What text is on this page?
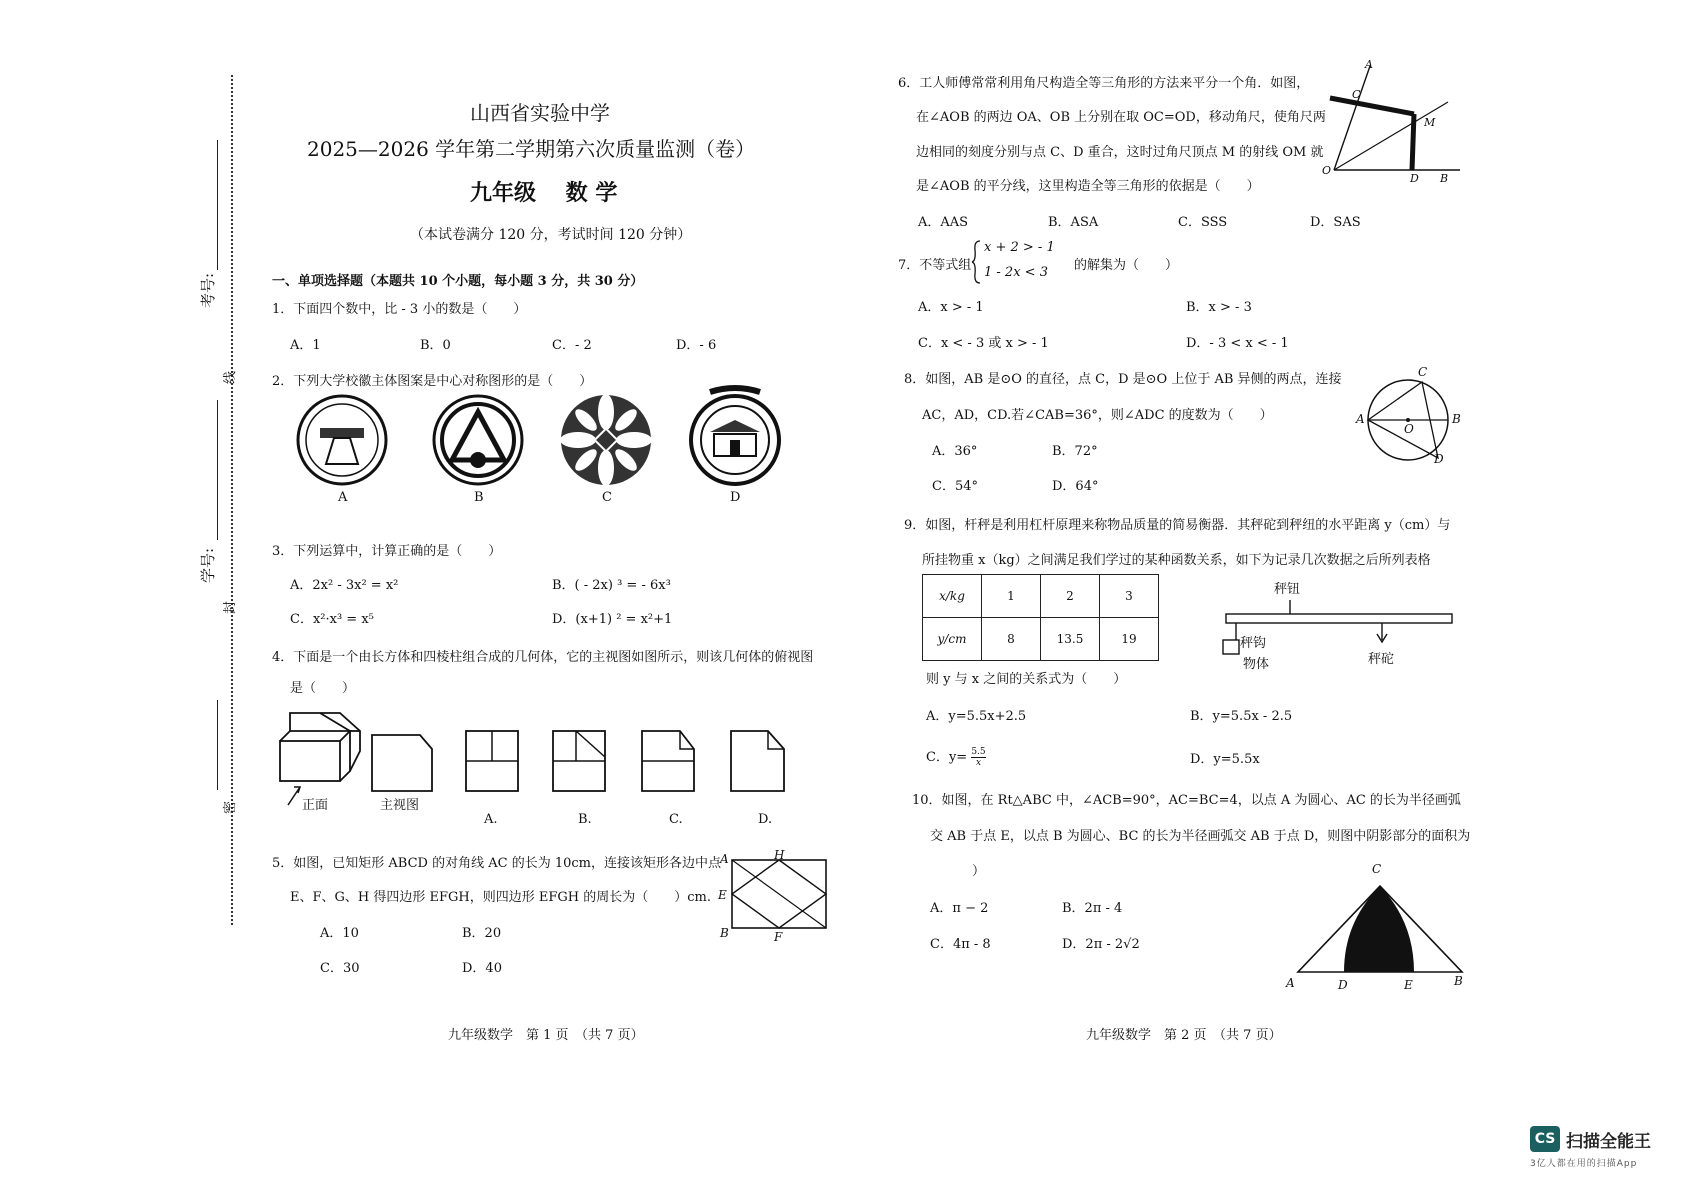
考号:
线
学号:
封
密
山西省实验中学
2025—2026 学年第二学期第六次质量监测（卷）
九年级　 数 学
（本试卷满分 120 分，考试时间 120 分钟）
一、单项选择题（本题共 10 个小题，每小题 3 分，共 30 分）
1．下面四个数中，比 - 3 小的数是（　　）
A．1	B．0	C．- 2	D．- 6
2．下列大学校徽主体图案是中心对称图形的是（　　）
A	B	C	D
3．下列运算中，计算正确的是（　　）
A．2x² - 3x² = x²	B．( - 2x) ³ = - 6x³
C．x²·x³ = x⁵	D．(x+1) ² = x²+1
4．下面是一个由长方体和四棱柱组合成的几何体，它的主视图如图所示，则该几何体的俯视图
是（　　）
正面	主视图
A.	B.	C.	D.
5．如图，已知矩形 ABCD 的对角线 AC 的长为 10cm，连接该矩形各边中点
E、F、G、H 得四边形 EFGH，则四边形 EFGH 的周长为（　　）cm.
A．10	B．20
C．30	D．40
A	H
E
B	F
九年级数学　第 1 页　（共 7 页）
6．工人师傅常常利用角尺构造全等三角形的方法来平分一个角．如图，
在∠AOB 的两边 OA、OB 上分别在取 OC=OD，移动角尺，使角尺两
边相同的刻度分别与点 C、D 重合，这时过角尺顶点 M 的射线 OM 就
是∠AOB 的平分线，这里构造全等三角形的依据是（　　）
A．AAS	B．ASA	C．SSS	D．SAS
A
C
M
O
D B
7．不等式组
x + 2 > - 1
1 - 2x < 3 的解集为（　　）
A．x > - 1	B．x > - 3
C．x < - 3 或 x > - 1	D．- 3 < x < - 1
8．如图，AB 是⊙O 的直径，点 C，D 是⊙O 上位于 AB 异侧的两点，连接
AC，AD，CD.若∠CAB=36°，则∠ADC 的度数为（　　）
A．36°	B．72°
C．54°	D．64°
C
A
O
B
D
9．如图，杆秤是利用杠杆原理来称物品质量的简易衡器．其秤砣到秤纽的水平距离 y（cm）与
所挂物重 x（kg）之间满足我们学过的某种函数关系，如下为记录几次数据之后所列表格
x/kg	1	2	3
y/cm	8	13.5	19
秤钮
秤钩
物体	秤砣
则 y 与 x 之间的关系式为（　　）
A．y=5.5x+2.5	B．y=5.5x - 2.5
C．$y= \frac{5.5}{x}$	D．y=5.5x
10．如图，在 Rt△ABC 中，∠ACB=90°，AC=BC=4，以点 A 为圆心、AC 的长为半径画弧
交 AB 于点 E，以点 B 为圆心、BC 的长为半径画弧交 AB 于点 D，则图中阴影部分的面积为
）
A．π − 2	B．2π - 4
C．4π - 8	D．2π - 2√2
C
A	D	E	B
九年级数学　第 2 页　（共 7 页）
CS 扫描全能王
3亿人都在用的扫描App
